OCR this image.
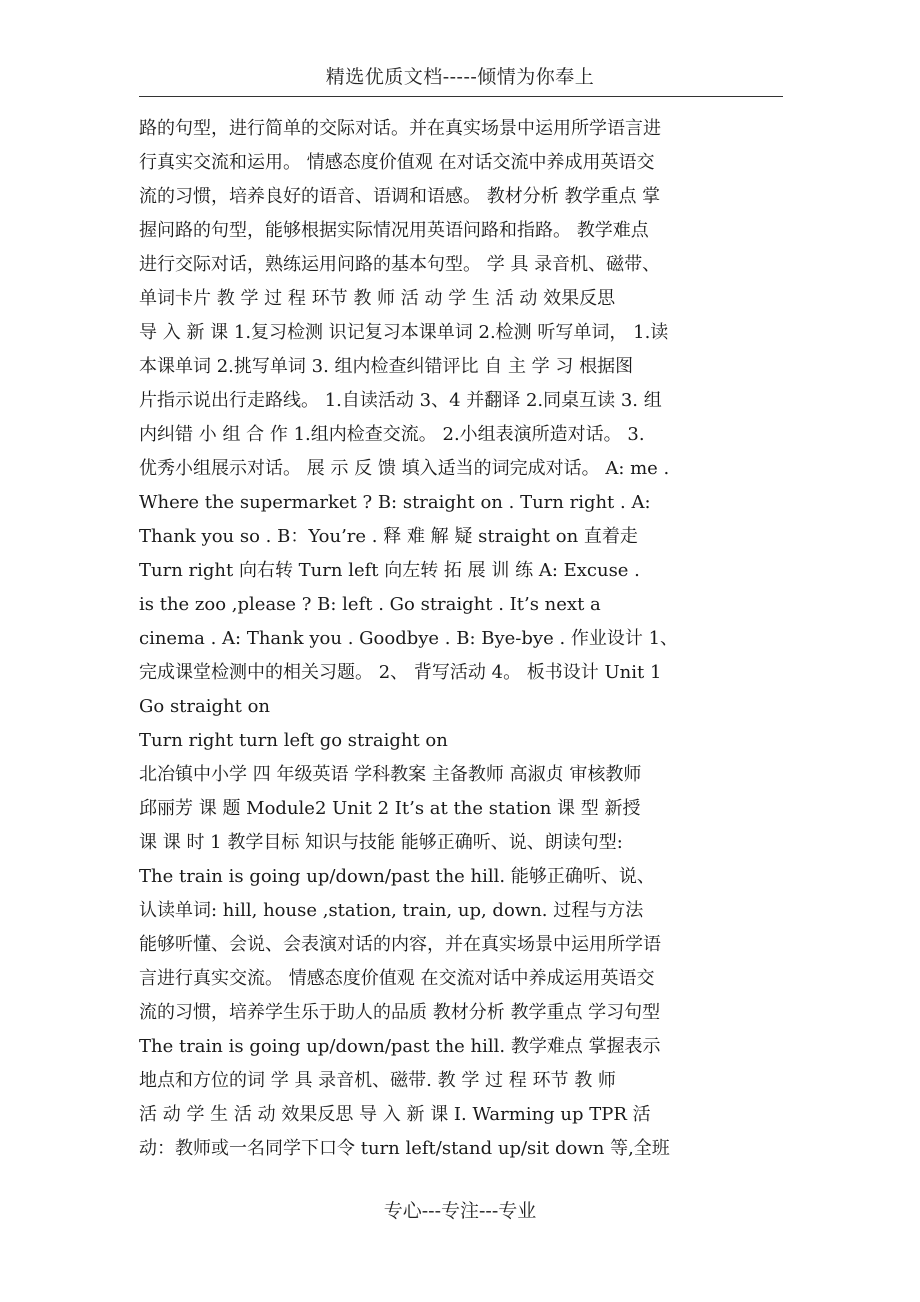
精选优质文档-----倾情为你奉上
路的句型，进行简单的交际对话。并在真实场景中运用所学语言进
行真实交流和运用。 情感态度价值观 在对话交流中养成用英语交
流的习惯，培养良好的语音、语调和语感。 教材分析 教学重点 掌
握问路的句型，能够根据实际情况用英语问路和指路。 教学难点
进行交际对话，熟练运用问路的基本句型。 学 具 录音机、磁带、
单词卡片 教 学 过 程 环节 教 师 活 动 学 生 活 动 效果反思
导 入 新 课 1.复习检测 识记复习本课单词 2.检测 听写单词， 1.读
本课单词 2.挑写单词 3. 组内检查纠错评比 自 主 学 习 根据图
片指示说出行走路线。 1.自读活动 3、4 并翻译 2.同桌互读 3. 组
内纠错 小 组 合 作 1.组内检查交流。 2.小组表演所造对话。 3.
优秀小组展示对话。 展 示 反 馈 填入适当的词完成对话。 A: me .
Where the supermarket ? B: straight on . Turn right . A:
Thank you so . B：You’re . 释 难 解 疑 straight on 直着走
Turn right 向右转 Turn left 向左转 拓 展 训 练 A: Excuse .
is the zoo ,please ? B: left . Go straight . It’s next a
cinema . A: Thank you . Goodbye . B: Bye-bye . 作业设计 1、
完成课堂检测中的相关习题。 2、 背写活动 4。 板书设计 Unit 1
Go straight on
Turn right turn left go straight on
北冶镇中小学 四 年级英语 学科教案 主备教师 高淑贞 审核教师
邱丽芳 课 题 Module2 Unit 2 It’s at the station 课 型 新授
课 课 时 1 教学目标 知识与技能 能够正确听、说、朗读句型:
The train is going up/down/past the hill. 能够正确听、说、
认读单词: hill, house ,station, train, up, down. 过程与方法
能够听懂、会说、会表演对话的内容，并在真实场景中运用所学语
言进行真实交流。 情感态度价值观 在交流对话中养成运用英语交
流的习惯，培养学生乐于助人的品质 教材分析 教学重点 学习句型
The train is going up/down/past the hill. 教学难点 掌握表示
地点和方位的词 学 具 录音机、磁带. 教 学 过 程 环节 教 师
活 动 学 生 活 动 效果反思 导 入 新 课 I. Warming up TPR 活
动：教师或一名同学下口令 turn left/stand up/sit down 等,全班
专心---专注---专业
